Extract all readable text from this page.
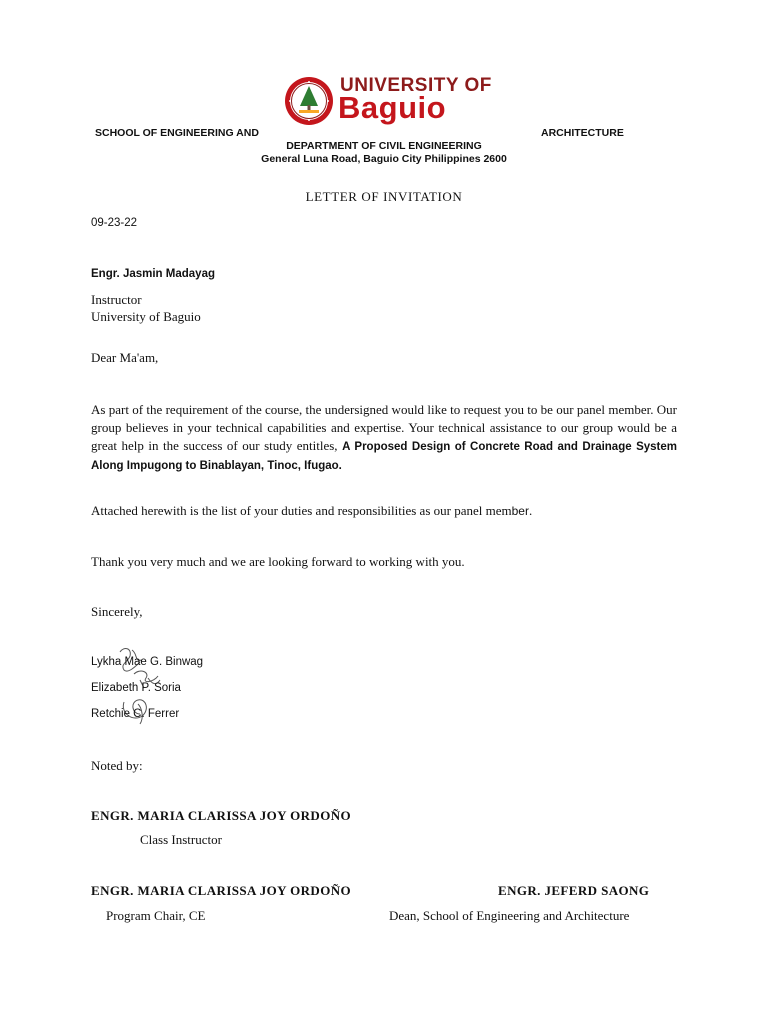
UNIVERSITY OF
Baguio
SCHOOL OF ENGINEERING AND	ARCHITECTURE
DEPARTMENT OF CIVIL ENGINEERING
General Luna Road, Baguio City Philippines 2600
LETTER OF INVITATION
09-23-22
Engr. Jasmin Madayag
Instructor
University of Baguio
Dear Ma'am,
As part of the requirement of the course, the undersigned would like to request you to be our panel member. Our group believes in your technical capabilities and expertise. Your technical assistance to our group would be a great help in the success of our study entitles, A Proposed Design of Concrete Road and Drainage System Along Impugong to Binablayan, Tinoc, Ifugao.
Attached herewith is the list of your duties and responsibilities as our panel member.
Thank you very much and we are looking forward to working with you.
Sincerely,
Lykha Mae G. Binwag
Elizabeth P. Soria
Retchie C. Ferrer
Noted by:
ENGR. MARIA CLARISSA JOY ORDOÑO
Class Instructor
ENGR. MARIA CLARISSA JOY ORDOÑO	ENGR. JEFERD SAONG
Program Chair, CE	Dean, School of Engineering and Architecture
